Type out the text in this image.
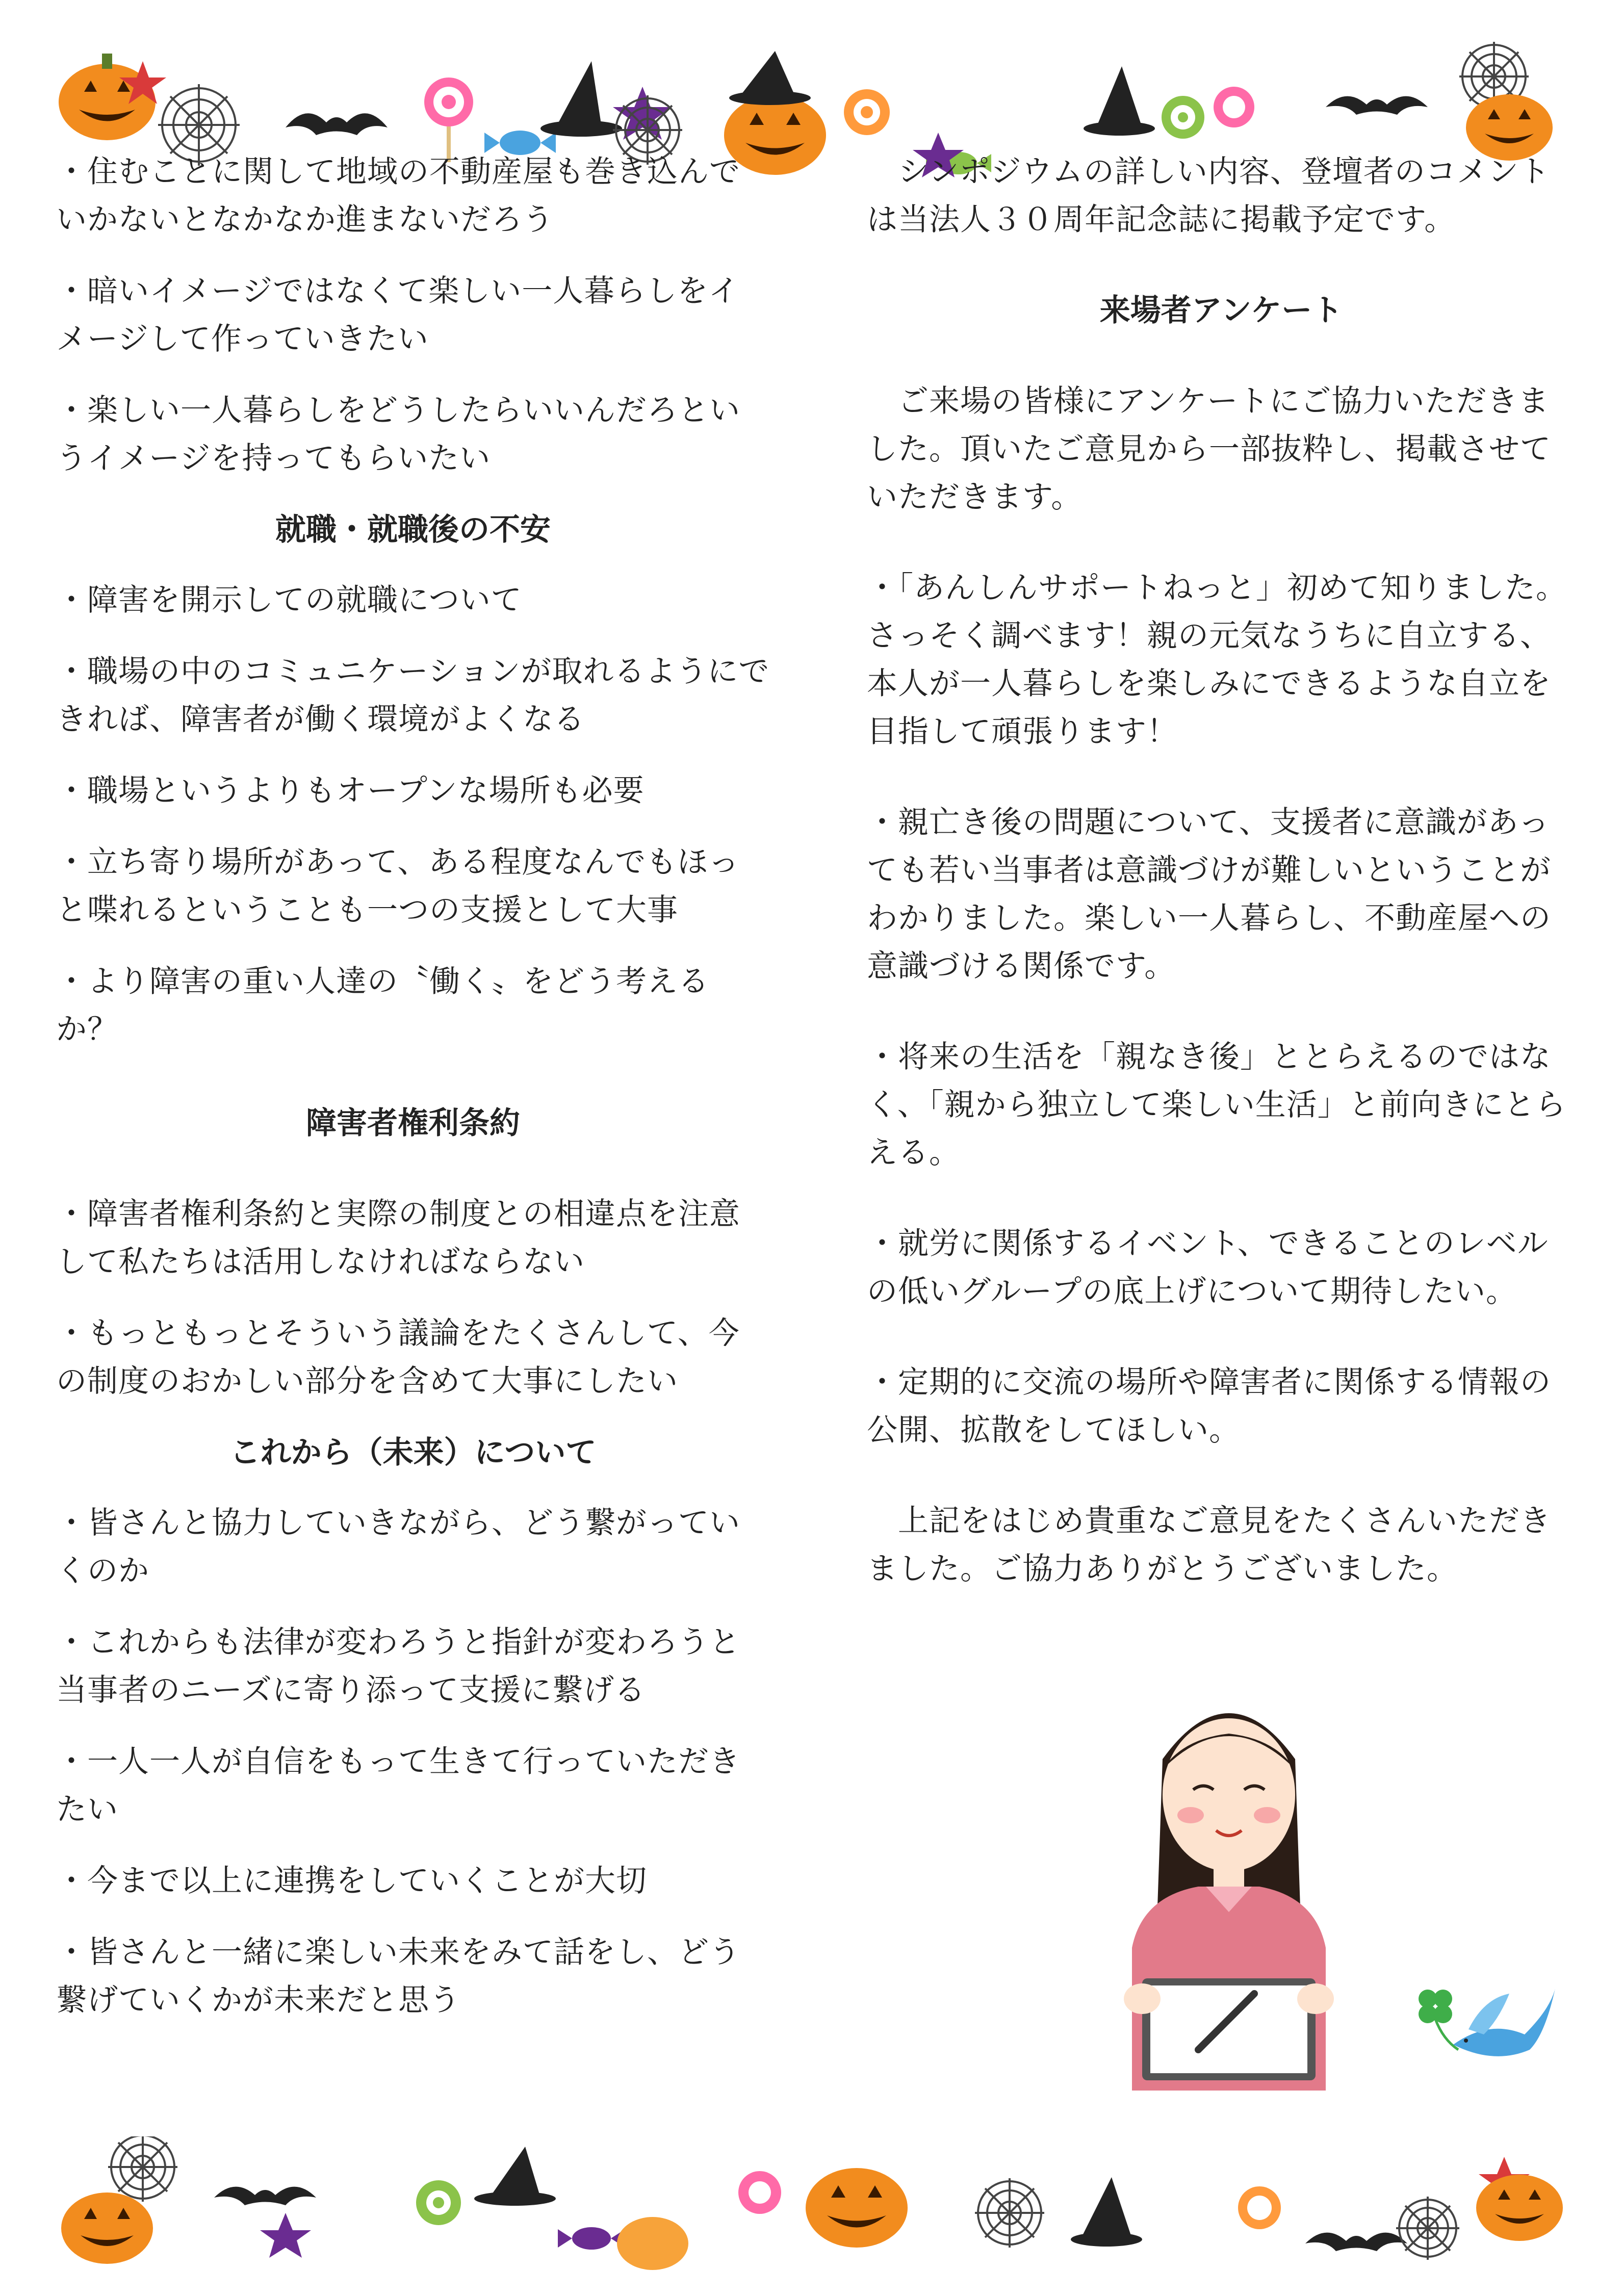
・住むことに関して地域の不動産屋も巻き込んでいかないとなかなか進まないだろう

・暗いイメージではなくて楽しい一人暮らしをイメージして作っていきたい

・楽しい一人暮らしをどうしたらいいんだろというイメージを持ってもらいたい

就職・就職後の不安

・障害を開示しての就職について

・職場の中のコミュニケーションが取れるようにできれば、障害者が働く環境がよくなる

・職場というよりもオープンな場所も必要

・立ち寄り場所があって、ある程度なんでもほっと喋れるということも一つの支援として大事

・より障害の重い人達の〝働く〟をどう考えるか？

障害者権利条約

・障害者権利条約と実際の制度との相違点を注意して私たちは活用しなければならない

・もっともっとそういう議論をたくさんして、今の制度のおかしい部分を含めて大事にしたい

これから（未来）について

・皆さんと協力していきながら、どう繋がっていくのか

・これからも法律が変わろうと指針が変わろうと当事者のニーズに寄り添って支援に繋げる

・一人一人が自信をもって生きて行っていただきたい

・今まで以上に連携をしていくことが大切

・皆さんと一緒に楽しい未来をみて話をし、どう繋げていくかが未来だと思う

　シンポジウムの詳しい内容、登壇者のコメントは当法人３０周年記念誌に掲載予定です。

来場者アンケート

　ご来場の皆様にアンケートにご協力いただきました。頂いたご意見から一部抜粋し、掲載させていただきます。

・「あんしんサポートねっと」初めて知りました。さっそく調べます！親の元気なうちに自立する、本人が一人暮らしを楽しみにできるような自立を目指して頑張ります！

・親亡き後の問題について、支援者に意識があっても若い当事者は意識づけが難しいということがわかりました。楽しい一人暮らし、不動産屋への意識づける関係です。

・将来の生活を「親なき後」ととらえるのではなく、「親から独立して楽しい生活」と前向きにとらえる。

・就労に関係するイベント、できることのレベルの低いグループの底上げについて期待したい。

・定期的に交流の場所や障害者に関係する情報の公開、拡散をしてほしい。

　上記をはじめ貴重なご意見をたくさんいただきました。ご協力ありがとうございました。
